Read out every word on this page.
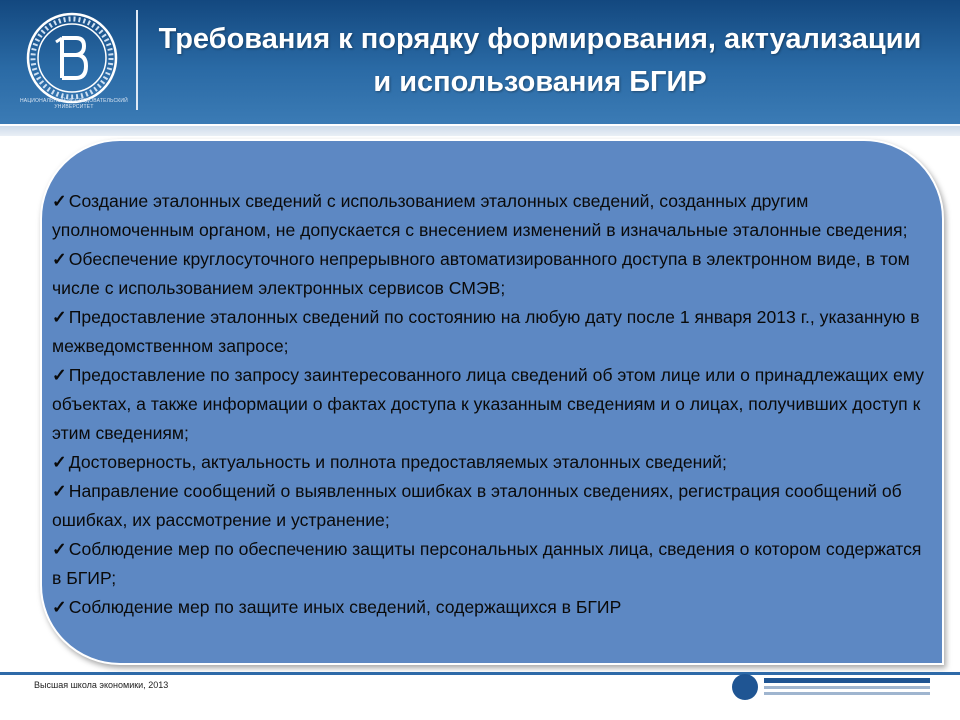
НАЦИОНАЛЬНЫЙ ИССЛЕДОВАТЕЛЬСКИЙ УНИВЕРСИТЕТ
Требования к порядку формирования, актуализации и использования БГИР
✓ Создание эталонных сведений с использованием эталонных сведений, созданных другим уполномоченным органом, не допускается с внесением изменений в изначальные эталонные сведения;
✓ Обеспечение круглосуточного непрерывного автоматизированного доступа в электронном виде, в том числе с использованием электронных сервисов СМЭВ;
✓ Предоставление эталонных сведений по состоянию на любую дату после 1 января 2013 г., указанную в межведомственном запросе;
✓ Предоставление по запросу заинтересованного лица сведений об этом лице или о принадлежащих ему объектах, а также информации о фактах доступа к указанным сведениям и о лицах, получивших доступ к этим сведениям;
✓ Достоверность, актуальность и полнота предоставляемых эталонных сведений;
✓ Направление сообщений о выявленных ошибках в эталонных сведениях, регистрация сообщений об ошибках, их рассмотрение и устранение;
✓ Соблюдение мер по обеспечению защиты персональных данных лица, сведения о котором содержатся в БГИР;
✓ Соблюдение мер по защите иных сведений, содержащихся в БГИР
Высшая школа экономики, 2013
